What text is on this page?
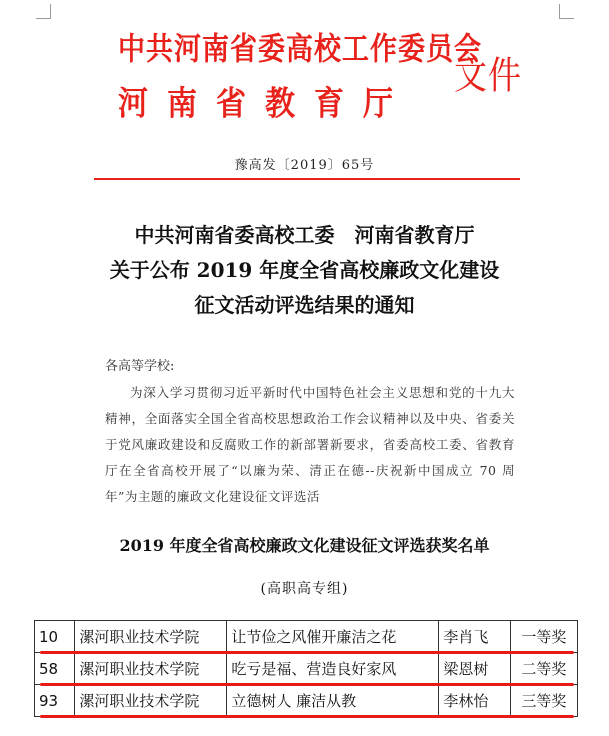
中共河南省委高校工作委员会
河南省教育厅
文件
豫高发〔2019〕65号
中共河南省委高校工委　河南省教育厅
关于公布 2019 年度全省高校廉政文化建设
征文活动评选结果的通知
各高等学校:

为深入学习贯彻习近平新时代中国特色社会主义思想和党的十九大精神，全面落实全国全省高校思想政治工作会议精神以及中央、省委关于党风廉政建设和反腐败工作的新部署新要求，省委高校工委、省教育厅在全省高校开展了“以廉为荣、清正在德--庆祝新中国成立 70 周年”为主题的廉政文化建设征文评选活

2019 年度全省高校廉政文化建设征文评选获奖名单
(高职高专组)
10	漯河职业技术学院	让节俭之风催开廉洁之花	李肖飞	一等奖
58	漯河职业技术学院	吃亏是福、营造良好家风	梁恩树	二等奖
93	漯河职业技术学院	立德树人 廉洁从教	李林怡	三等奖
